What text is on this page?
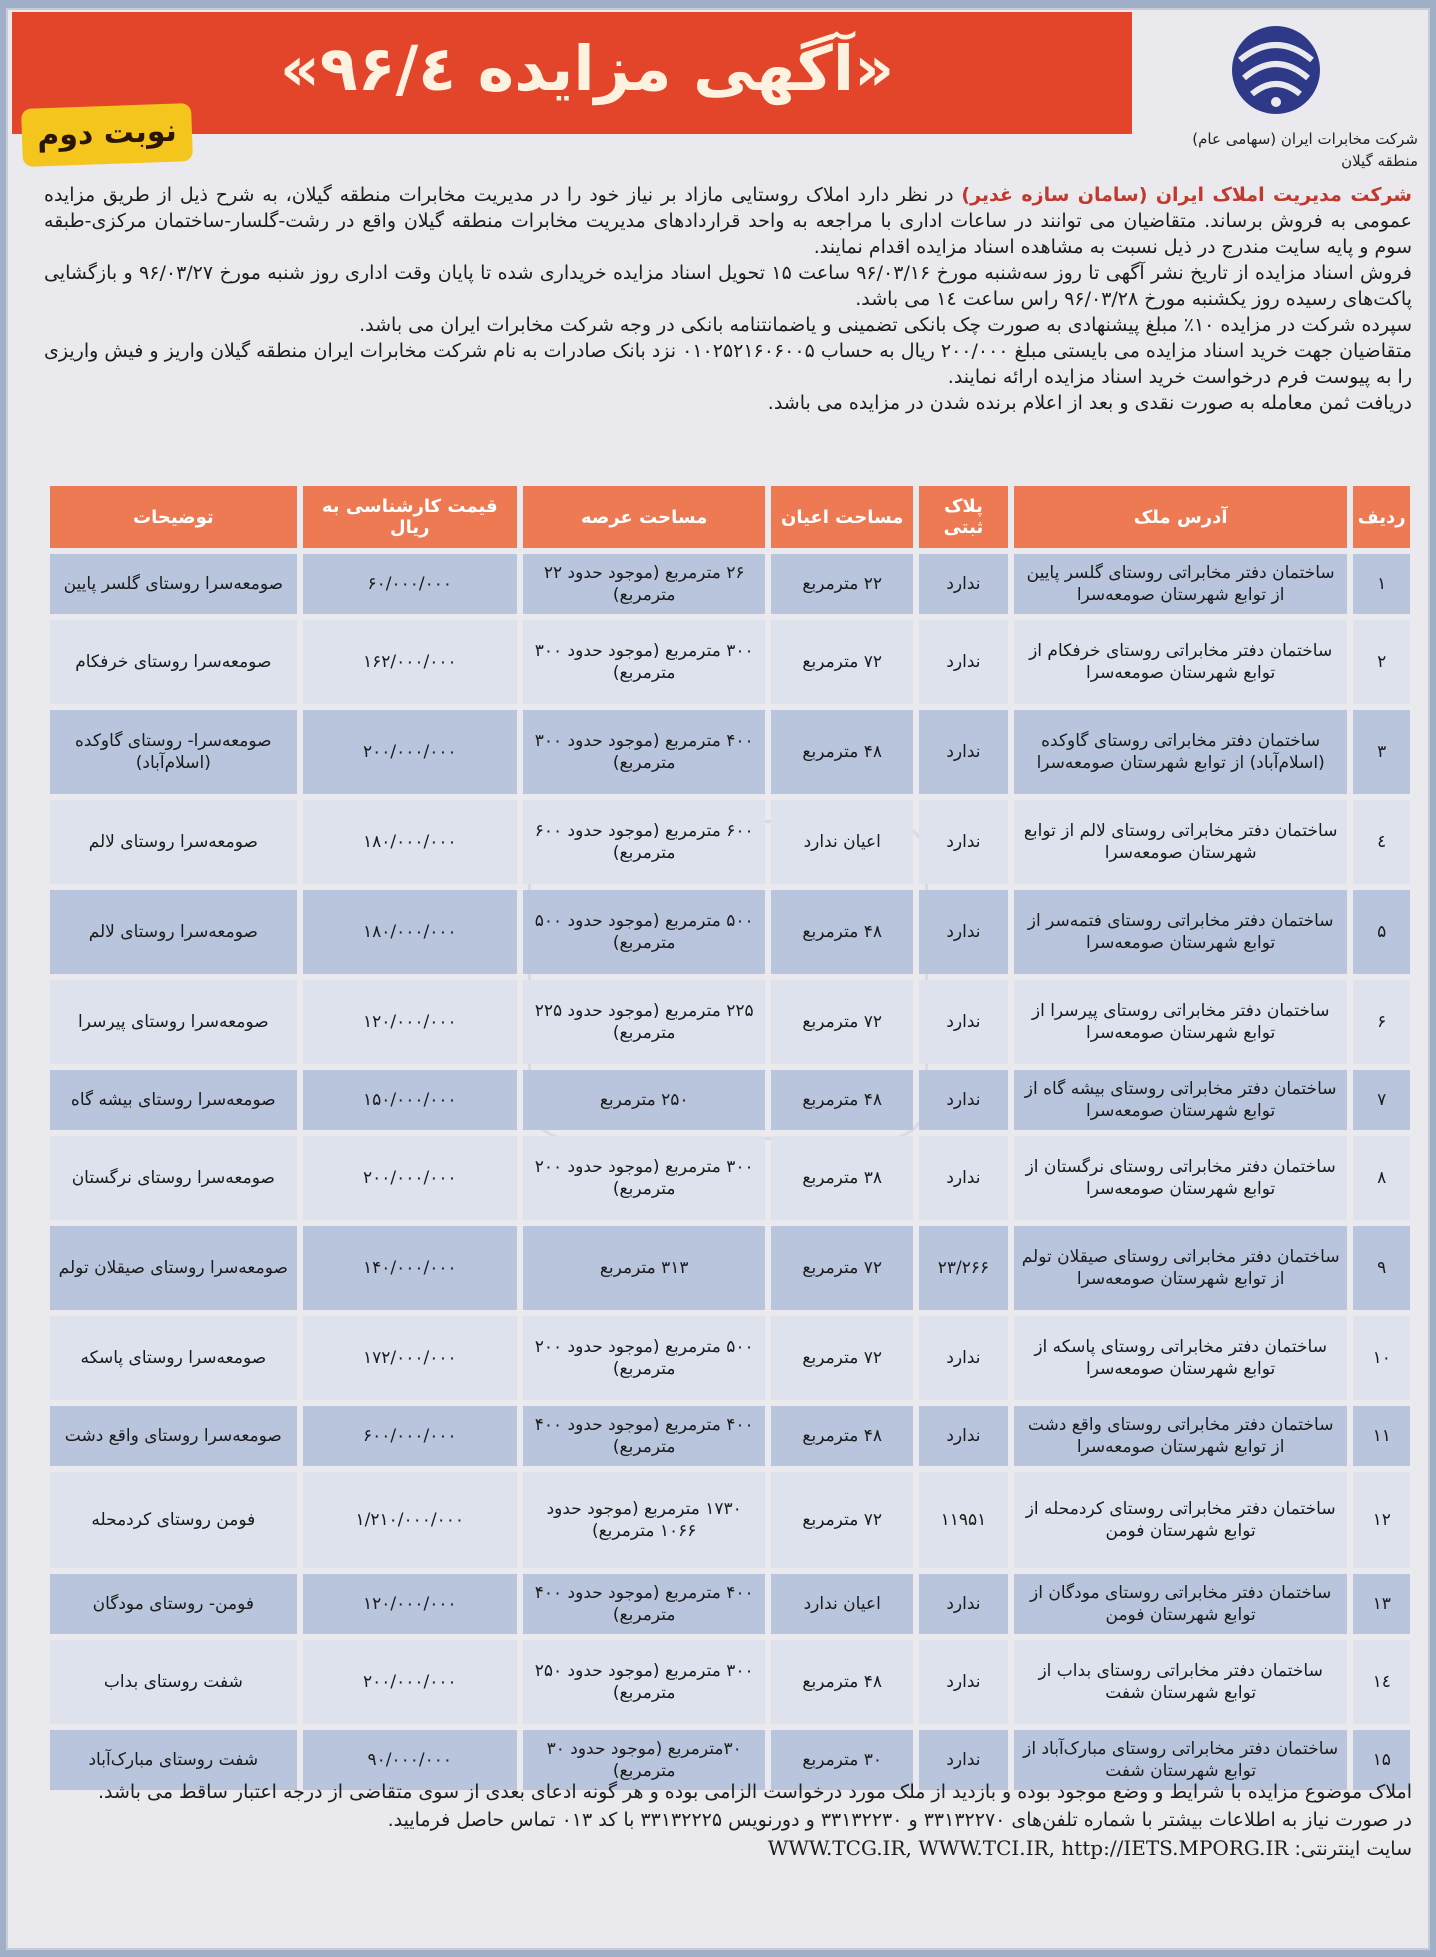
«آگهی مزایده ۹۶/٤»
نوبت دوم	شرکت مخابرات ایران (سهامی عام)
منطقه گیلان

شرکت مدیریت املاک ایران (سامان سازه غدیر) در نظر دارد املاک روستایی مازاد بر نیاز خود را در مدیریت مخابرات منطقه گیلان، به شرح ذیل از طریق مزایده عمومی به فروش برساند. متقاضیان می توانند در ساعات اداری با مراجعه به واحد قراردادهای مدیریت مخابرات منطقه گیلان واقع در رشت-گلسار-ساختمان مرکزی-طبقه سوم و پایه سایت مندرج در ذیل نسبت به مشاهده اسناد مزایده اقدام نمایند.

فروش اسناد مزایده از تاریخ نشر آگهی تا روز سه‌شنبه مورخ ۹۶/۰۳/۱۶ ساعت ۱۵ تحویل اسناد مزایده خریداری شده تا پایان وقت اداری روز شنبه مورخ ۹۶/۰۳/۲۷ و بازگشایی پاکت‌های رسیده روز یکشنبه مورخ ۹۶/۰۳/۲۸ راس ساعت ١٤ می باشد.

سپرده شرکت در مزایده ۱۰٪ مبلغ پیشنهادی به صورت چک بانکی تضمینی و یاضمانتنامه بانکی در وجه شرکت مخابرات ایران می باشد.

متقاضیان جهت خرید اسناد مزایده می بایستی مبلغ ۲۰۰/۰۰۰ ریال به حساب ۰۱۰۲۵۲۱۶۰۶۰۰۵ نزد بانک صادرات به نام شرکت مخابرات ایران منطقه گیلان واریز و فیش واریزی را به پیوست فرم درخواست خرید اسناد مزایده ارائه نمایند.

دریافت ثمن معامله به صورت نقدی و بعد از اعلام برنده شدن در مزایده می باشد.

ردیف	آدرس ملک	پلاک ثبتی	مساحت اعیان	مساحت عرصه	قیمت کارشناسی به ریال	توضیحات
۱	ساختمان دفتر مخابراتی روستای گلسر پایین از توابع شهرستان صومعه‌سرا	ندارد	۲۲ مترمربع	۲۶ مترمربع (موجود حدود ۲۲ مترمربع)	۶۰/۰۰۰/۰۰۰	صومعه‌سرا روستای گلسر پایین
۲	ساختمان دفتر مخابراتی روستای خرفکام از توابع شهرستان صومعه‌سرا	ندارد	۷۲ مترمربع	۳۰۰ مترمربع (موجود حدود ۳۰۰ مترمربع)	۱۶۲/۰۰۰/۰۰۰	صومعه‌سرا روستای خرفکام
۳	ساختمان دفتر مخابراتی روستای گاوکده (اسلام‌آباد) از توابع شهرستان صومعه‌سرا	ندارد	۴۸ مترمربع	۴۰۰ مترمربع (موجود حدود ۳۰۰ مترمربع)	۲۰۰/۰۰۰/۰۰۰	صومعه‌سرا- روستای گاوکده (اسلام‌آباد)
٤	ساختمان دفتر مخابراتی روستای لالم از توابع شهرستان صومعه‌سرا	ندارد	اعیان ندارد	۶۰۰ مترمربع (موجود حدود ۶۰۰ مترمربع)	۱۸۰/۰۰۰/۰۰۰	صومعه‌سرا روستای لالم
۵	ساختمان دفتر مخابراتی روستای فتمه‌سر از توابع شهرستان صومعه‌سرا	ندارد	۴۸ مترمربع	۵۰۰ مترمربع (موجود حدود ۵۰۰ مترمربع)	۱۸۰/۰۰۰/۰۰۰	صومعه‌سرا روستای لالم
۶	ساختمان دفتر مخابراتی روستای پیرسرا از توابع شهرستان صومعه‌سرا	ندارد	۷۲ مترمربع	۲۲۵ مترمربع (موجود حدود ۲۲۵ مترمربع)	۱۲۰/۰۰۰/۰۰۰	صومعه‌سرا روستای پیرسرا
۷	ساختمان دفتر مخابراتی روستای بیشه گاه از توابع شهرستان صومعه‌سرا	ندارد	۴۸ مترمربع	۲۵۰ مترمربع	۱۵۰/۰۰۰/۰۰۰	صومعه‌سرا روستای بیشه گاه
۸	ساختمان دفتر مخابراتی روستای نرگستان از توابع شهرستان صومعه‌سرا	ندارد	۳۸ مترمربع	۳۰۰ مترمربع (موجود حدود ۲۰۰ مترمربع)	۲۰۰/۰۰۰/۰۰۰	صومعه‌سرا روستای نرگستان
۹	ساختمان دفتر مخابراتی روستای صیقلان تولم از توابع شهرستان صومعه‌سرا	۲۳/۲۶۶	۷۲ مترمربع	۳۱۳ مترمربع	۱۴۰/۰۰۰/۰۰۰	صومعه‌سرا روستای صیقلان تولم
۱۰	ساختمان دفتر مخابراتی روستای پاسکه از توابع شهرستان صومعه‌سرا	ندارد	۷۲ مترمربع	۵۰۰ مترمربع (موجود حدود ۲۰۰ مترمربع)	۱۷۲/۰۰۰/۰۰۰	صومعه‌سرا روستای پاسکه
۱۱	ساختمان دفتر مخابراتی روستای واقع دشت از توابع شهرستان صومعه‌سرا	ندارد	۴۸ مترمربع	۴۰۰ مترمربع (موجود حدود ۴۰۰ مترمربع)	۶۰۰/۰۰۰/۰۰۰	صومعه‌سرا روستای واقع دشت
۱۲	ساختمان دفتر مخابراتی روستای کردمحله از توابع شهرستان فومن	۱۱۹۵۱	۷۲ مترمربع	۱۷۳۰ مترمربع (موجود حدود ۱۰۶۶ مترمربع)	۱/۲۱۰/۰۰۰/۰۰۰	فومن روستای کردمحله
۱۳	ساختمان دفتر مخابراتی روستای مودگان از توابع شهرستان فومن	ندارد	اعیان ندارد	۴۰۰ مترمربع (موجود حدود ۴۰۰ مترمربع)	۱۲۰/۰۰۰/۰۰۰	فومن- روستای مودگان
۱٤	ساختمان دفتر مخابراتی روستای بداب از توابع شهرستان شفت	ندارد	۴۸ مترمربع	۳۰۰ مترمربع (موجود حدود ۲۵۰ مترمربع)	۲۰۰/۰۰۰/۰۰۰	شفت روستای بداب
۱۵	ساختمان دفتر مخابراتی روستای مبارک‌آباد از توابع شهرستان شفت	ندارد	۳۰ مترمربع	۳۰مترمربع (موجود حدود ۳۰ مترمربع)	۹۰/۰۰۰/۰۰۰	شفت روستای مبارک‌آباد
املاک موضوع مزایده با شرایط و وضع موجود بوده و بازدید از ملک مورد درخواست الزامی بوده و هر گونه ادعای بعدی از سوی متقاضی از درجه اعتبار ساقط می باشد.
در صورت نیاز به اطلاعات بیشتر با شماره تلفن‌های ۳۳۱۳۲۲۷۰ و ۳۳۱۳۲۲۳۰ و دورنویس ۳۳۱۳۲۲۲۵ با کد ۰۱۳ تماس حاصل فرمایید.
سایت اینترنتی: WWW.TCG.IR, WWW.TCI.IR, http://IETS.MPORG.IR
